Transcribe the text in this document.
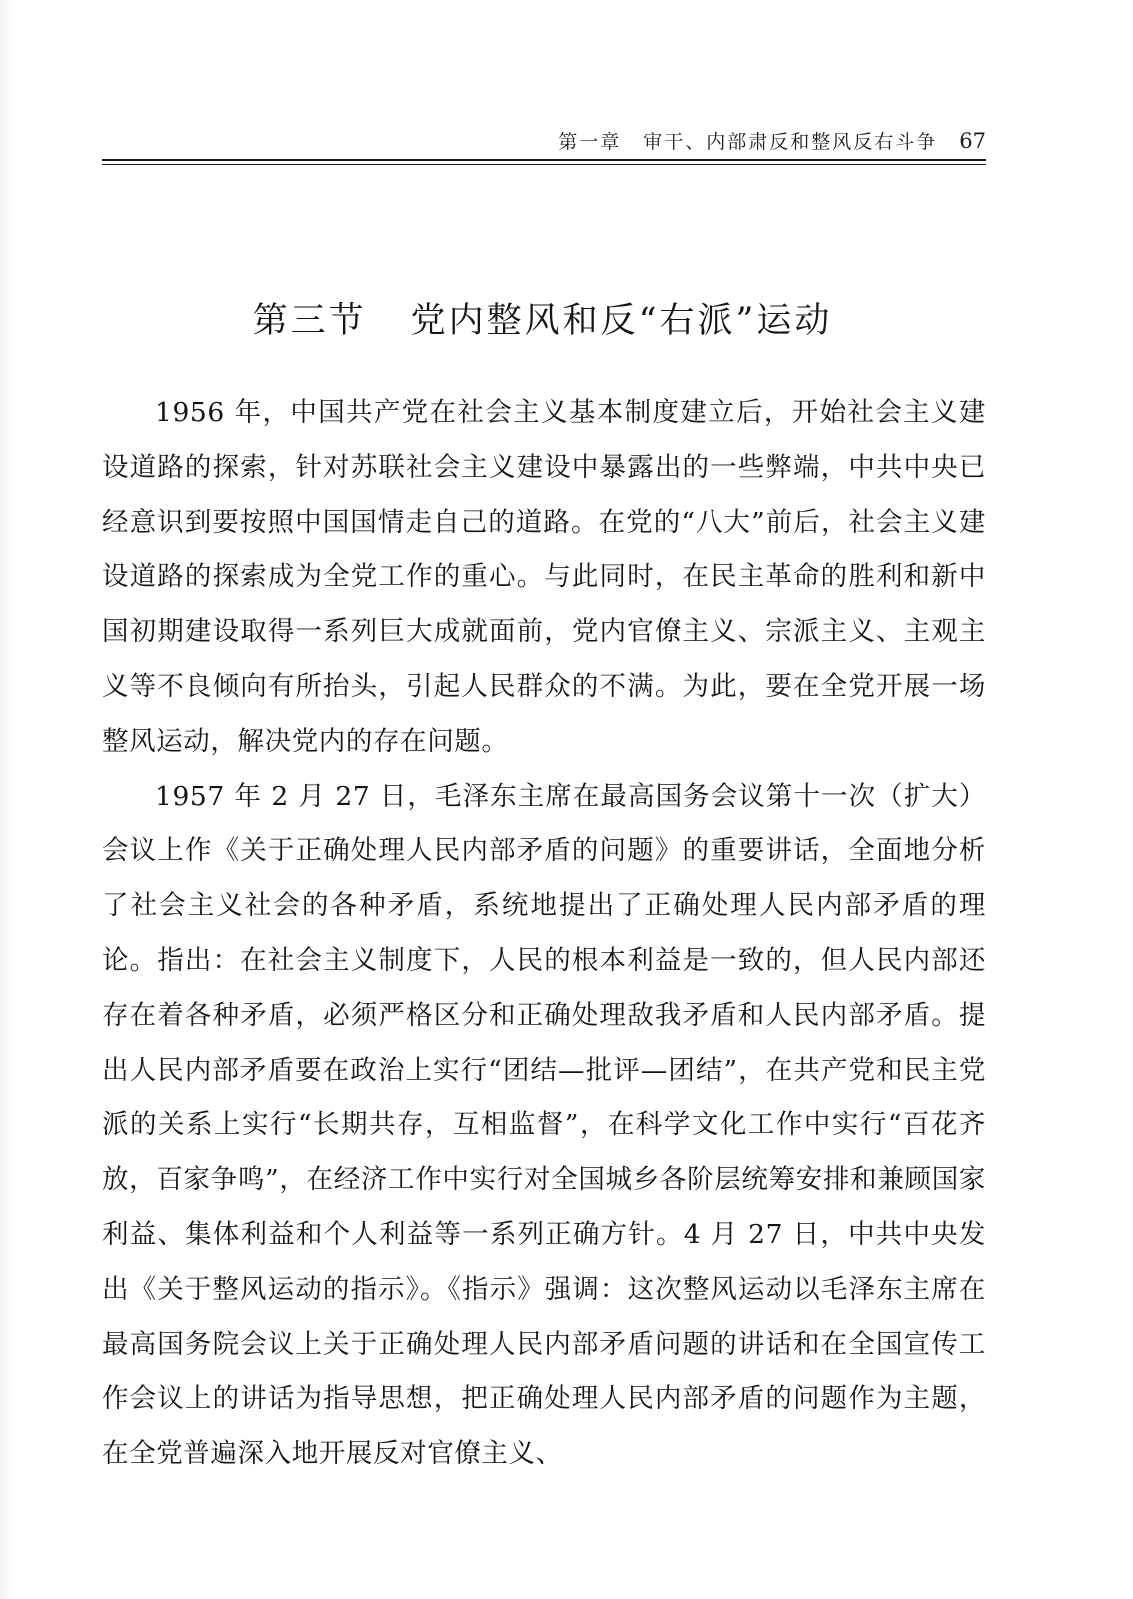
第一章 审干、内部肃反和整风反右斗争 67
第三节 党内整风和反“右派”运动

1956 年，中国共产党在社会主义基本制度建立后，开始社会主义建设道路的探索，针对苏联社会主义建设中暴露出的一些弊端，中共中央已经意识到要按照中国国情走自己的道路。在党的“八大”前后，社会主义建设道路的探索成为全党工作的重心。与此同时，在民主革命的胜利和新中国初期建设取得一系列巨大成就面前，党内官僚主义、宗派主义、主观主义等不良倾向有所抬头，引起人民群众的不满。为此，要在全党开展一场整风运动，解决党内的存在问题。

1957 年 2 月 27 日，毛泽东主席在最高国务会议第十一次（扩大）会议上作《关于正确处理人民内部矛盾的问题》的重要讲话，全面地分析了社会主义社会的各种矛盾，系统地提出了正确处理人民内部矛盾的理论。指出：在社会主义制度下，人民的根本利益是一致的，但人民内部还存在着各种矛盾，必须严格区分和正确处理敌我矛盾和人民内部矛盾。提出人民内部矛盾要在政治上实行“团结—批评—团结”，在共产党和民主党派的关系上实行“长期共存，互相监督”，在科学文化工作中实行“百花齐放，百家争鸣”，在经济工作中实行对全国城乡各阶层统筹安排和兼顾国家利益、集体利益和个人利益等一系列正确方针。4 月 27 日，中共中央发出《关于整风运动的指示》。《指示》强调：这次整风运动以毛泽东主席在最高国务院会议上关于正确处理人民内部矛盾问题的讲话和在全国宣传工作会议上的讲话为指导思想，把正确处理人民内部矛盾的问题作为主题，在全党普遍深入地开展反对官僚主义、
